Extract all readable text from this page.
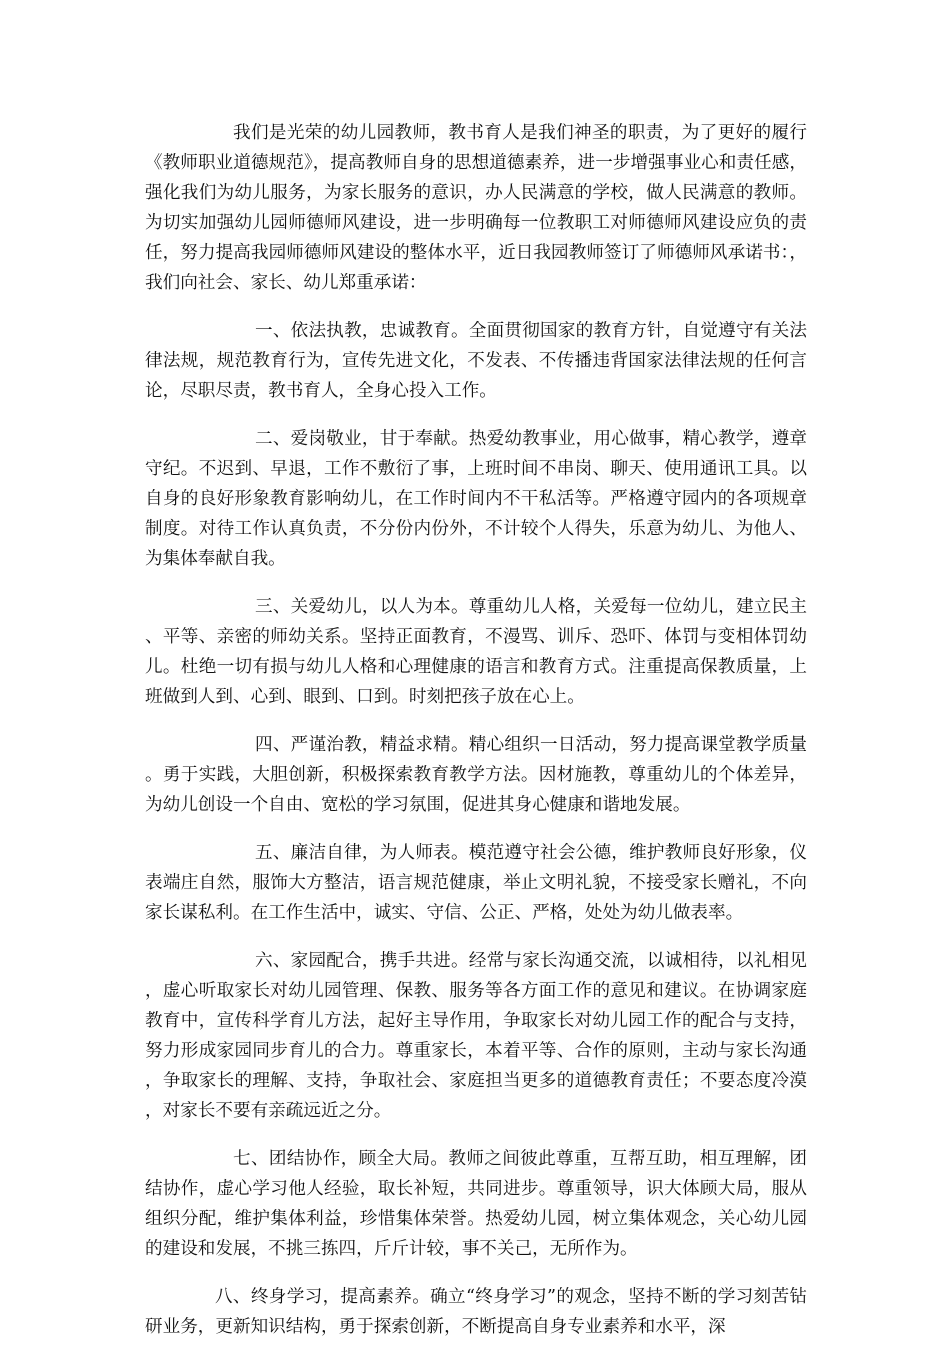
我们是光荣的幼儿园教师，教书育人是我们神圣的职责，为了更好的履行《教师职业道德规范》，提高教师自身的思想道德素养，进一步增强事业心和责任感，强化我们为幼儿服务，为家长服务的意识，办人民满意的学校，做人民满意的教师。为切实加强幼儿园师德师风建设，进一步明确每一位教职工对师德师风建设应负的责任，努力提高我园师德师风建设的整体水平，近日我园教师签订了师德师风承诺书：，我们向社会、家长、幼儿郑重承诺：

一、依法执教，忠诚教育。全面贯彻国家的教育方针，自觉遵守有关法律法规，规范教育行为，宣传先进文化，不发表、不传播违背国家法律法规的任何言论，尽职尽责，教书育人，全身心投入工作。

二、爱岗敬业，甘于奉献。热爱幼教事业，用心做事，精心教学，遵章守纪。不迟到、早退，工作不敷衍了事，上班时间不串岗、聊天、使用通讯工具。以自身的良好形象教育影响幼儿，在工作时间内不干私活等。严格遵守园内的各项规章制度。对待工作认真负责，不分份内份外，不计较个人得失，乐意为幼儿、为他人、为集体奉献自我。

三、关爱幼儿，以人为本。尊重幼儿人格，关爱每一位幼儿，建立民主、平等、亲密的师幼关系。坚持正面教育，不漫骂、训斥、恐吓、体罚与变相体罚幼儿。杜绝一切有损与幼儿人格和心理健康的语言和教育方式。注重提高保教质量，上班做到人到、心到、眼到、口到。时刻把孩子放在心上。

四、严谨治教，精益求精。精心组织一日活动，努力提高课堂教学质量。勇于实践，大胆创新，积极探索教育教学方法。因材施教，尊重幼儿的个体差异，为幼儿创设一个自由、宽松的学习氛围，促进其身心健康和谐地发展。

五、廉洁自律，为人师表。模范遵守社会公德，维护教师良好形象，仪表端庄自然，服饰大方整洁，语言规范健康，举止文明礼貌，不接受家长赠礼，不向家长谋私利。在工作生活中，诚实、守信、公正、严格，处处为幼儿做表率。

六、家园配合，携手共进。经常与家长沟通交流，以诚相待，以礼相见，虚心听取家长对幼儿园管理、保教、服务等各方面工作的意见和建议。在协调家庭教育中，宣传科学育儿方法，起好主导作用，争取家长对幼儿园工作的配合与支持，努力形成家园同步育儿的合力。尊重家长，本着平等、合作的原则，主动与家长沟通，争取家长的理解、支持，争取社会、家庭担当更多的道德教育责任；不要态度冷漠，对家长不要有亲疏远近之分。

七、团结协作，顾全大局。教师之间彼此尊重，互帮互助，相互理解，团结协作，虚心学习他人经验，取长补短，共同进步。尊重领导，识大体顾大局，服从组织分配，维护集体利益，珍惜集体荣誉。热爱幼儿园，树立集体观念，关心幼儿园的建设和发展，不挑三拣四，斤斤计较，事不关己，无所作为。

八、终身学习，提高素养。确立“终身学习”的观念，坚持不断的学习刻苦钻研业务，更新知识结构，勇于探索创新，不断提高自身专业素养和水平，深
